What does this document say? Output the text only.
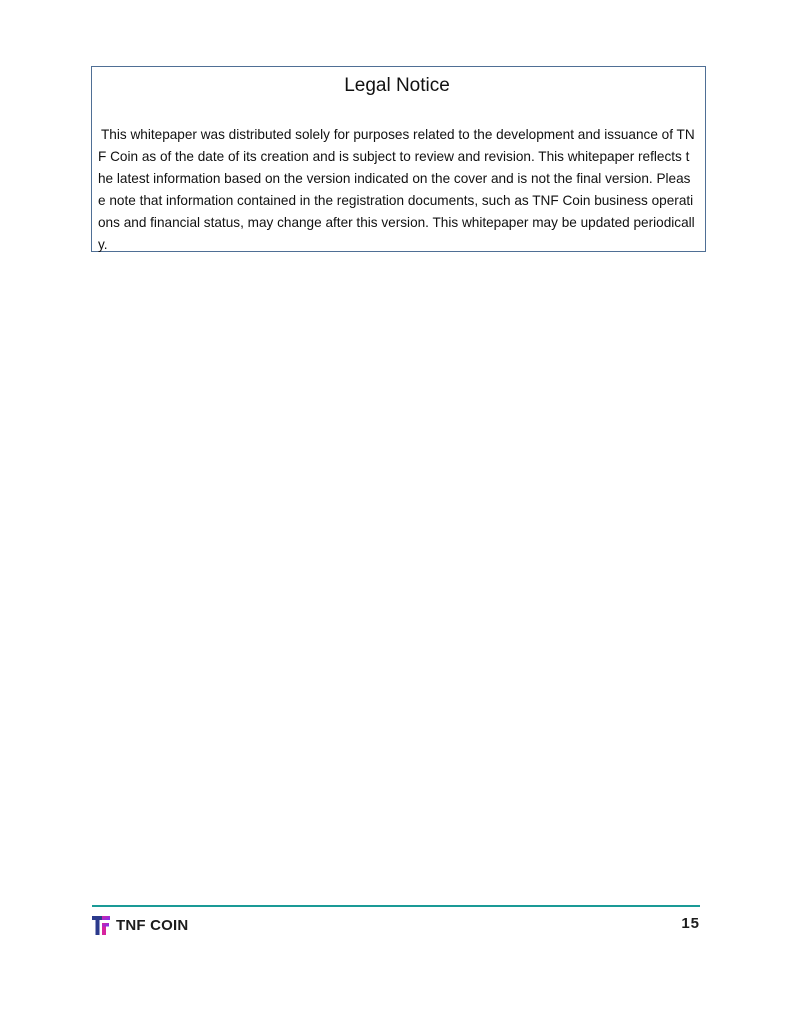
Legal Notice

This whitepaper was distributed solely for purposes related to the development and issuance of TNF Coin as of the date of its creation and is subject to review and revision. This whitepaper reflects the latest information based on the version indicated on the cover and is not the final version. Please note that information contained in the registration documents, such as TNF Coin business operations and financial status, may change after this version. This whitepaper may be updated periodically.

TNF COIN	15
